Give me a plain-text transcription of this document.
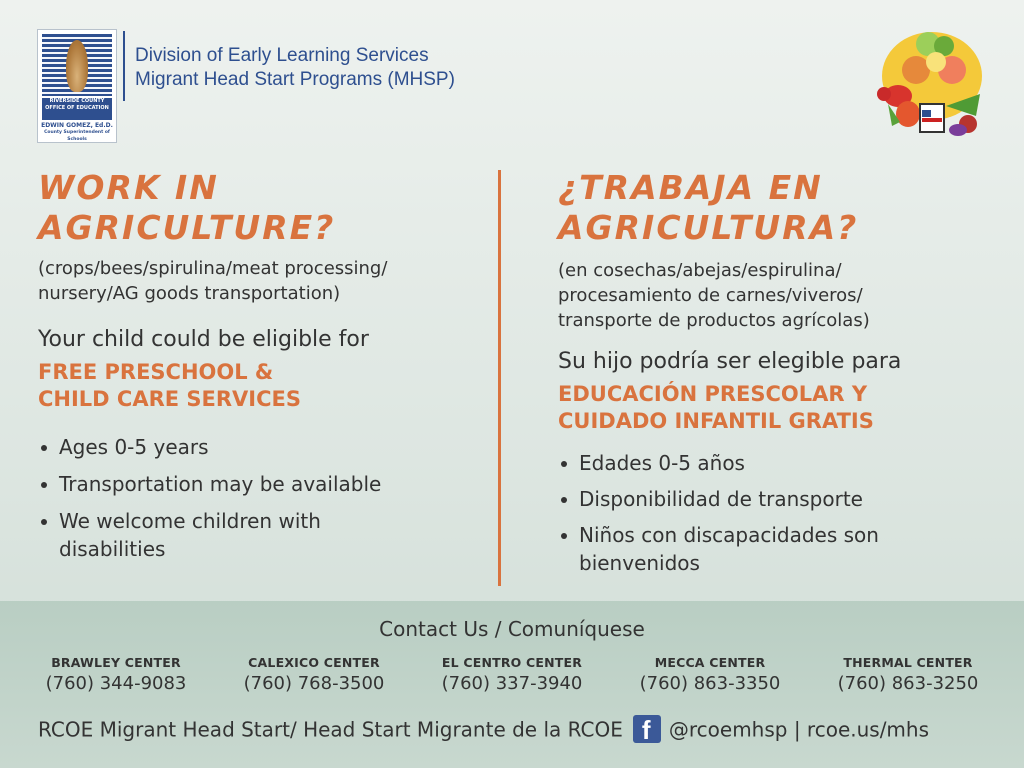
RIVERSIDE COUNTY
OFFICE OF EDUCATION
EDWIN GOMEZ, Ed.D.
County Superintendent of Schools
Division of Early Learning Services
Migrant Head Start Programs (MHSP)
WORK IN
AGRICULTURE?

(crops/bees/spirulina/meat processing/
nursery/AG goods transportation)

Your child could be eligible for
FREE PRESCHOOL &
CHILD CARE SERVICES
Ages 0-5 years
Transportation may be available
We welcome children with
disabilities
¿TRABAJA EN
AGRICULTURA?

(en cosechas/abejas/espirulina/
procesamiento de carnes/viveros/
transporte de productos agrícolas)

Su hijo podría ser elegible para
EDUCACIÓN PRESCOLAR Y
CUIDADO INFANTIL GRATIS
Edades 0-5 años
Disponibilidad de transporte
Niños con discapacidades son
bienvenidos
Contact Us / Comuníquese
BRAWLEY CENTER
(760) 344-9083
CALEXICO CENTER
(760) 768-3500
EL CENTRO CENTER
(760) 337-3940
MECCA CENTER
(760) 863-3350
THERMAL CENTER
(760) 863-3250
RCOE Migrant Head Start/ Head Start Migrante de la RCOEf @rcoemhsp | rcoe.us/mhs
